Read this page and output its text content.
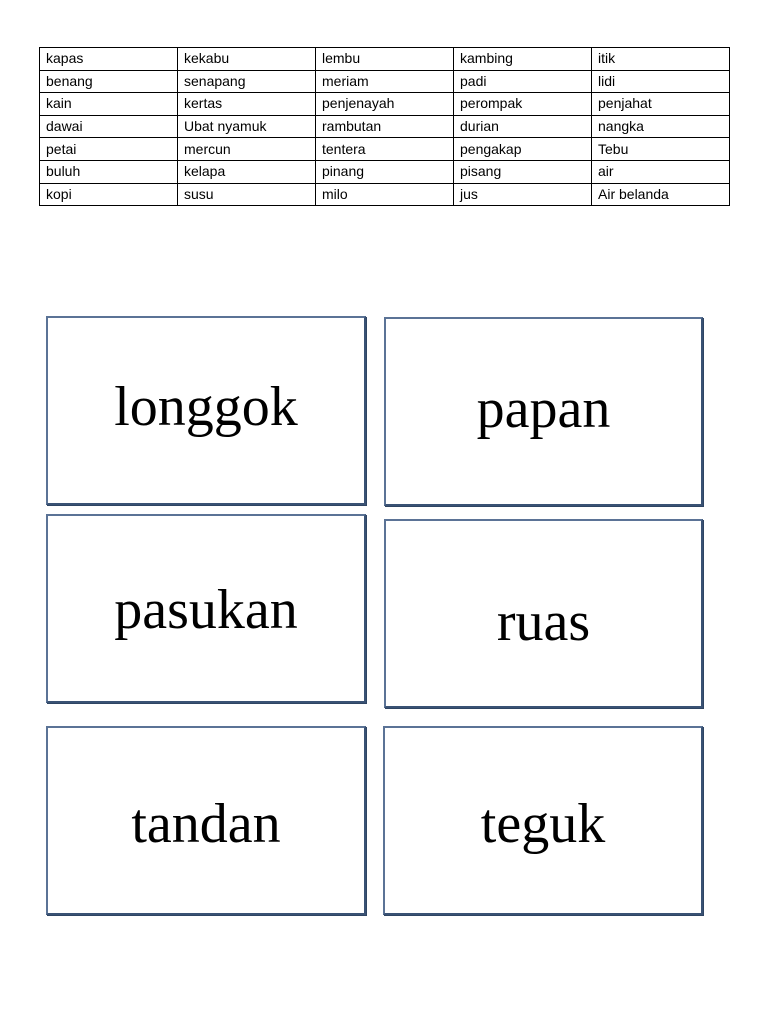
kapas	kekabu	lembu	kambing	itik
benang	senapang	meriam	padi	lidi
kain	kertas	penjenayah	perompak	penjahat
dawai	Ubat nyamuk	rambutan	durian	nangka
petai	mercun	tentera	pengakap	Tebu
buluh	kelapa	pinang	pisang	air
kopi	susu	milo	jus	Air belanda
longgok	papan
pasukan	ruas
tandan	teguk
